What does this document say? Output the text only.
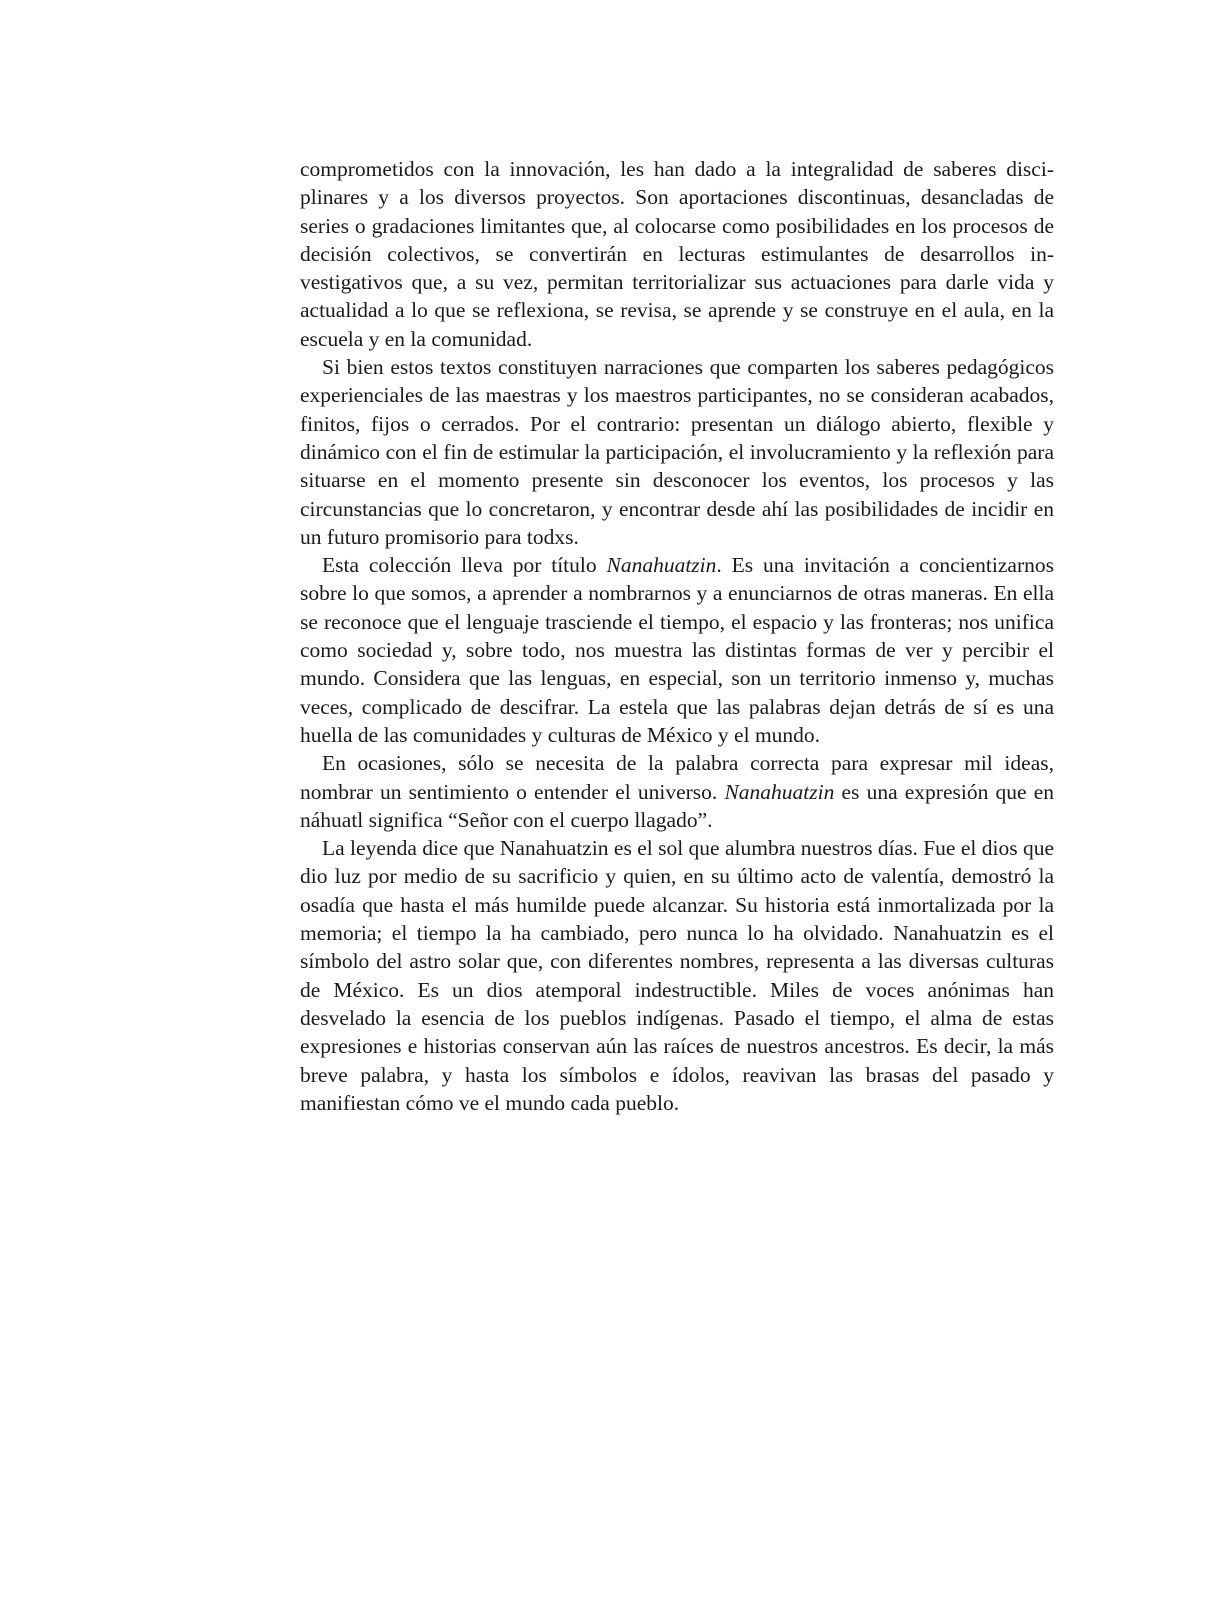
comprometidos con la innovación, les han dado a la integralidad de saberes disciplinares y a los diversos proyectos. Son aportaciones discontinuas, desancladas de series o gradaciones limitantes que, al colocarse como posibilidades en los procesos de decisión colectivos, se convertirán en lecturas estimulantes de desarrollos investigativos que, a su vez, permitan territorializar sus actuaciones para darle vida y actualidad a lo que se reflexiona, se revisa, se aprende y se construye en el aula, en la escuela y en la comunidad.

Si bien estos textos constituyen narraciones que comparten los saberes pedagógicos experienciales de las maestras y los maestros participantes, no se consideran acabados, finitos, fijos o cerrados. Por el contrario: presentan un diálogo abierto, flexible y dinámico con el fin de estimular la participación, el involucramiento y la reflexión para situarse en el momento presente sin desconocer los eventos, los procesos y las circunstancias que lo concretaron, y encontrar desde ahí las posibilidades de incidir en un futuro promisorio para todxs.

Esta colección lleva por título Nanahuatzin. Es una invitación a concientizarnos sobre lo que somos, a aprender a nombrarnos y a enunciarnos de otras maneras. En ella se reconoce que el lenguaje trasciende el tiempo, el espacio y las fronteras; nos unifica como sociedad y, sobre todo, nos muestra las distintas formas de ver y percibir el mundo. Considera que las lenguas, en especial, son un territorio inmenso y, muchas veces, complicado de descifrar. La estela que las palabras dejan detrás de sí es una huella de las comunidades y culturas de México y el mundo.

En ocasiones, sólo se necesita de la palabra correcta para expresar mil ideas, nombrar un sentimiento o entender el universo. Nanahuatzin es una expresión que en náhuatl significa “Señor con el cuerpo llagado”.

La leyenda dice que Nanahuatzin es el sol que alumbra nuestros días. Fue el dios que dio luz por medio de su sacrificio y quien, en su último acto de valentía, demostró la osadía que hasta el más humilde puede alcanzar. Su historia está inmortalizada por la memoria; el tiempo la ha cambiado, pero nunca lo ha olvidado. Nanahuatzin es el símbolo del astro solar que, con diferentes nombres, representa a las diversas culturas de México. Es un dios atemporal indestructible. Miles de voces anónimas han desvelado la esencia de los pueblos indígenas. Pasado el tiempo, el alma de estas expresiones e historias conservan aún las raíces de nuestros ancestros. Es decir, la más breve palabra, y hasta los símbolos e ídolos, reavivan las brasas del pasado y manifiestan cómo ve el mundo cada pueblo.
